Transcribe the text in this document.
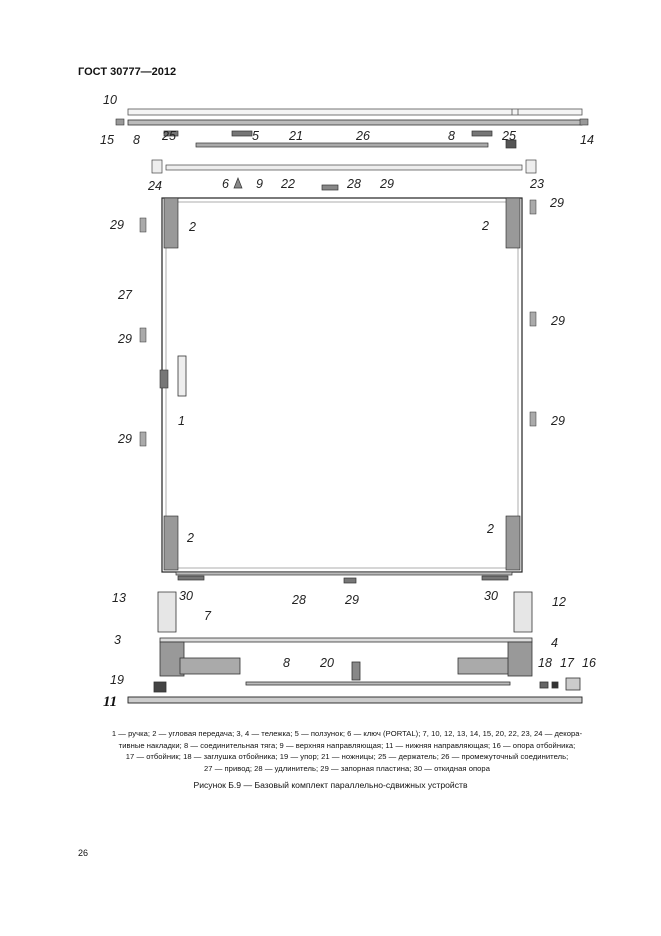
ГОСТ 30777—2012
10
15 8 25	5 21	26	8	25	14
24	6 9 22	28 29	23
29
29
2	2
27
29
29
1
29
29
2
2
13	30	28	29	30	12
7
3	4
8 20	18 17 16
19
11
1 — ручка; 2 — угловая передача; 3, 4 — тележка; 5 — ползунок; 6 — ключ (PORTAL); 7, 10, 12, 13, 14, 15, 20, 22, 23, 24 — декора-
тивные накладки; 8 — соединительная тяга; 9 — верхняя направляющая; 11 — нижняя направляющая; 16 — опора отбойника;
17 — отбойник; 18 — заглушка отбойника; 19 — упор; 21 — ножницы; 25 — держатель; 26 — промежуточный соединитель;
27 — привод; 28 — удлинитель; 29 — запорная пластина; 30 — откидная опора
Рисунок Б.9 — Базовый комплект параллельно-сдвижных устройств
26
